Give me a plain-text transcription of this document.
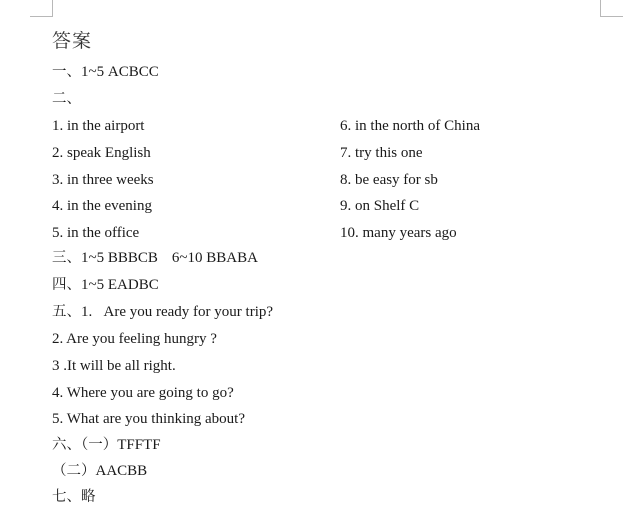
答案
一、1~5 ACBCC
二、
1. in the airport
2. speak English
3. in three weeks
4. in the evening
5. in the office
6. in the north of China
7. try this one
8. be easy for sb
9. on Shelf C
10. many years ago
三、1~5 BBBCB 6~10 BBABA
四、1~5 EADBC
五、1.   Are you ready for your trip?
2. Are you feeling hungry ?
3 .It will be all right.
4. Where you are going to go?
5. What are you thinking about?
六、（一）TFFTF
（二）AACBB
七、略
